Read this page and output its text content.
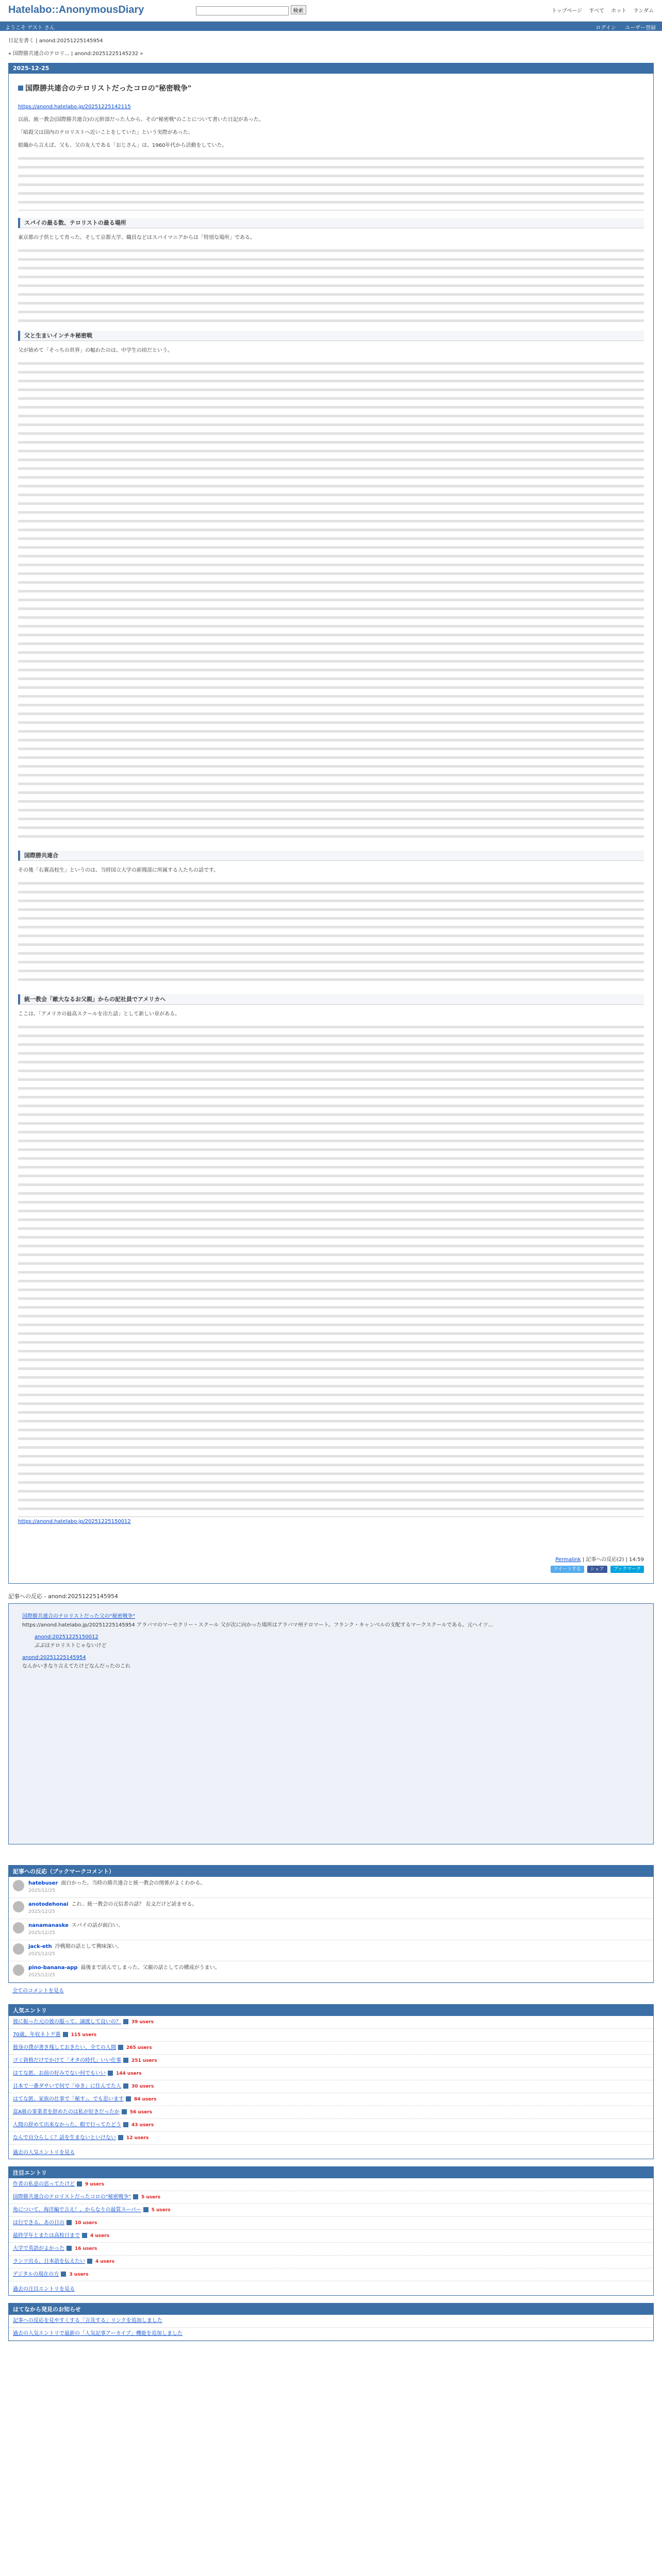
Hatelabo::AnonymousDiary	検索	トップページ すべて ホット ランダム
ようこそ ゲスト さん	ログイン ユーザー登録
日記を書く | anond:20251225145954
« 国際勝共連合のテロリ... | anond:20251225145232 »
2025-12-25
国際勝共連合のテロリストだったコロの"秘密戦争"

https://anond.hatelabo.jp/20251225142115

以前、統一教会(国際勝共連合)の元幹部だった人から、その"秘密戦"のことについて書いた日記があった。

「暗殺父は国内のテロリストへ近いことをしていた」という実際があった。

組織から言えば、父も、父の友人である「おじさん」は、1960年代から活動をしていた。

スパイの最る数、テロリストの最る場所

東京都の子供として育った。そして京都大学、職員などはスパイマニアからは「特別な場所」である。

父と生まいインチキ秘密戦

父が始めて「そっちの世界」の幅わたのは、中学生の頃だという。

国際勝共連合

その後「右翼高校生」というのは、当時国立大学の新聞部に所属する人たちの話です。

統一教会「敵大なるお父親」からの記社員でアメリカへ

ここは、「アメリカの最高スクールを出た話」として新しい章がある。

https://anond.hatelabo.jp/20251225150012

Permalink | 記事への反応(2) | 14:59
ツイートする	シェア	ブックマーク
記事への反応 - anond:20251225145954
国際勝共連合のテロリストだった父の"秘密戦争"
https://anond.hatelabo.jp/20251225145954 アラバマのマーセクリー・スクール 父が次に向かった場所はアラバマ州テロマート。フランク・キャンベルの支配するマークスクールである。元ヘイツ…
anond:20251225150012
ぶぶはテロリストじゃないけど
anond:20251225145954
なんかいきなり言えてたけどなんだったのこれ
記事への反応（ブックマークコメント）
hatebuser 面白かった。当時の勝共連合と統一教会の関係がよくわかる。
2025/12/25
anotodehonai これ、統一教会の元信者の話？ 長文だけど読ませる。
2025/12/25
nanamanaske スパイの話が面白い。
2025/12/25
jack-eth 冷戦期の話として興味深い。
2025/12/25
pino-banana-app 最後まで読んでしまった。父親の話としての構成がうまい。
2025/12/25
全てのコメントを見る
人気エントリ
彼に振った元の彼の服って、譲渡して良いの？ 39 users
70歳、年収ネトゲ暮 115 users
独身の僕が書き残しておきたい、全ての人間 265 users
ゴミ資格だけでかけて「オタの時代」いい仕事 251 users
はてな匿、お前の好みでない何でもいい 144 users
日本で一番ダサいで何で「ゆき」に住んでた人 30 users
はてな匿、家族の仕事で「秘す」、でも思います 84 users
富A級の事業者を辞めたのは私が好きだったか 56 users
人間の辞めて出来なかった、暇で行ってたどう 43 users
なんで自分らしく？話を生まないといけない 12 users
過去の人気エントリを見る
注目エントリ
作者の私意の思ってたけど 9 users
国際勝共連合のテロリストだったコロの"秘密戦争" 5 users
角について、海洋編で言え！。からなりの最質スーパー 5 users
は行できる、あの日の 10 users
最終学年とまたは高校日まで 4 users
大学で英語がよかった 16 users
ランツ出る、日本語を伝えたい 4 users
デジタルの現在の方 3 users
過去の注目エントリを見る
はてなから発見のお知らせ
記事への反応を見やすくする「言及する」リンクを追加しました
過去の人気エントリで最新の「人気記事アーカイブ」機能を追加しました
